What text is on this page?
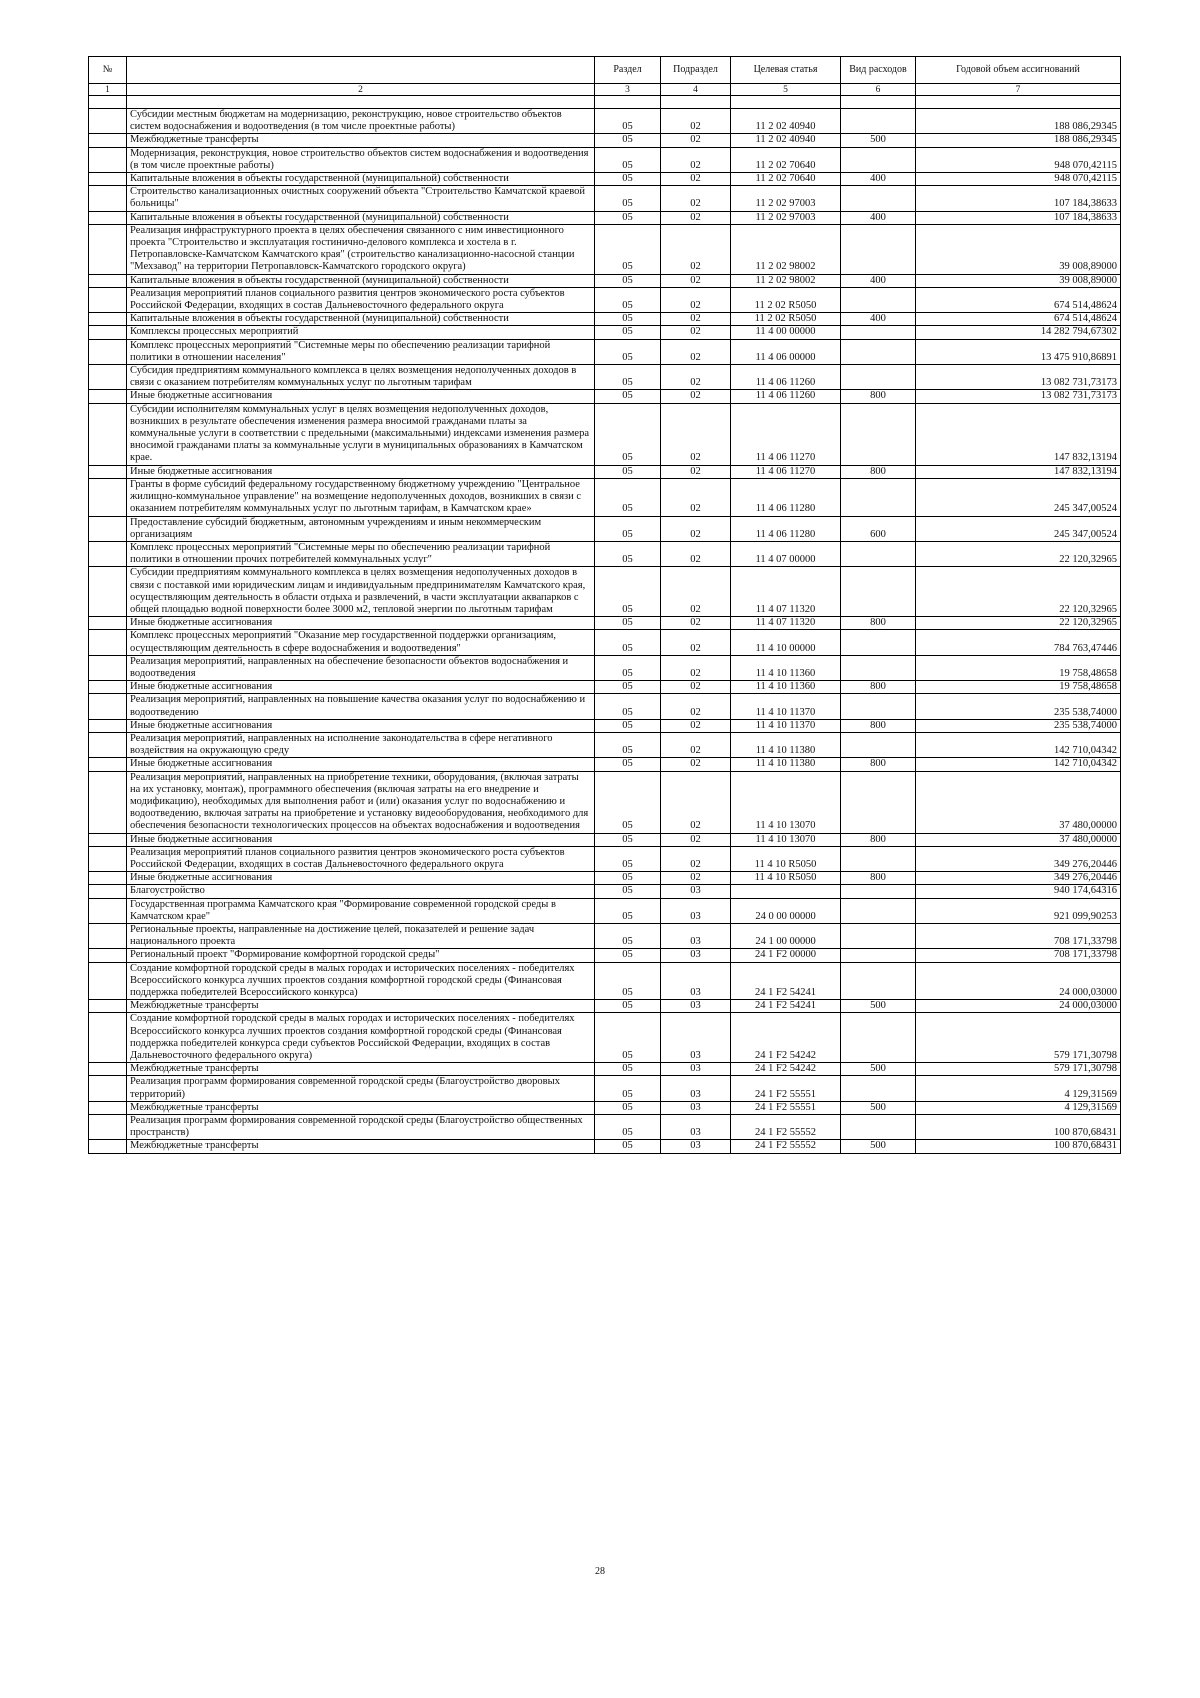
№		Раздел	Подраздел	Целевая статья	Вид расходов	Годовой объем ассигнований
1	2	3	4	5	6	7

	Субсидии местным бюджетам на модернизацию, реконструкцию, новое строительство объектов систем водоснабжения и водоотведения (в том числе проектные работы)	05	02	11 2 02 40940		188 086,29345
	Межбюджетные трансферты	05	02	11 2 02 40940	500	188 086,29345
	Модернизация, реконструкция, новое строительство объектов систем водоснабжения и водоотведения (в том числе проектные работы)	05	02	11 2 02 70640		948 070,42115
	Капитальные вложения в объекты государственной (муниципальной) собственности	05	02	11 2 02 70640	400	948 070,42115
	Строительство канализационных очистных сооружений объекта "Строительство Камчатской краевой больницы"	05	02	11 2 02 97003		107 184,38633
	Капитальные вложения в объекты государственной (муниципальной) собственности	05	02	11 2 02 97003	400	107 184,38633
	Реализация инфраструктурного проекта в целях обеспечения связанного с ним инвестиционного проекта "Строительство и эксплуатация гостинично-делового комплекса и хостела в г. Петропавловске-Камчатском Камчатского края" (строительство канализационно-насосной станции "Мехзавод" на территории Петропавловск-Камчатского городского округа)	05	02	11 2 02 98002		39 008,89000
	Капитальные вложения в объекты государственной (муниципальной) собственности	05	02	11 2 02 98002	400	39 008,89000
	Реализация мероприятий планов социального развития центров экономического роста субъектов Российской Федерации, входящих в состав Дальневосточного федерального округа	05	02	11 2 02 R5050		674 514,48624
	Капитальные вложения в объекты государственной (муниципальной) собственности	05	02	11 2 02 R5050	400	674 514,48624
	Комплексы процессных мероприятий	05	02	11 4 00 00000		14 282 794,67302
	Комплекс процессных мероприятий "Системные меры по обеспечению реализации тарифной политики в отношении населения"	05	02	11 4 06 00000		13 475 910,86891
	Субсидия предприятиям коммунального комплекса в целях возмещения недополученных доходов в связи с оказанием потребителям коммунальных услуг по льготным тарифам	05	02	11 4 06 11260		13 082 731,73173
	Иные бюджетные ассигнования	05	02	11 4 06 11260	800	13 082 731,73173
	Субсидии исполнителям коммунальных услуг в целях возмещения недополученных доходов, возникших в результате обеспечения изменения размера вносимой гражданами платы за коммунальные услуги в соответствии с предельными (максимальными) индексами изменения размера вносимой гражданами платы за коммунальные услуги в муниципальных образованиях в Камчатском крае.	05	02	11 4 06 11270		147 832,13194
	Иные бюджетные ассигнования	05	02	11 4 06 11270	800	147 832,13194
	Гранты в форме субсидий федеральному государственному бюджетному учреждению "Центральное жилищно-коммунальное управление" на возмещение недополученных доходов, возникших в связи с оказанием потребителям коммунальных услуг по льготным тарифам, в Камчатском крае»	05	02	11 4 06 11280		245 347,00524
	Предоставление субсидий бюджетным, автономным учреждениям и иным некоммерческим организациям	05	02	11 4 06 11280	600	245 347,00524
	Комплекс процессных мероприятий "Системные меры по обеспечению реализации тарифной политики в отношении прочих потребителей коммунальных услуг"	05	02	11 4 07 00000		22 120,32965
	Субсидии предприятиям коммунального комплекса в целях возмещения недополученных доходов в связи с поставкой ими юридическим лицам и индивидуальным предпринимателям Камчатского края, осуществляющим деятельность в области отдыха и развлечений, в части эксплуатации аквапарков с общей площадью водной поверхности более 3000 м2, тепловой энергии по льготным тарифам	05	02	11 4 07 11320		22 120,32965
	Иные бюджетные ассигнования	05	02	11 4 07 11320	800	22 120,32965
	Комплекс процессных мероприятий "Оказание мер государственной поддержки организациям, осуществляющим деятельность в сфере водоснабжения и водоотведения"	05	02	11 4 10 00000		784 763,47446
	Реализация мероприятий, направленных на обеспечение безопасности объектов водоснабжения и водоотведения	05	02	11 4 10 11360		19 758,48658
	Иные бюджетные ассигнования	05	02	11 4 10 11360	800	19 758,48658
	Реализация мероприятий, направленных на повышение качества оказания услуг по водоснабжению и водоотведению	05	02	11 4 10 11370		235 538,74000
	Иные бюджетные ассигнования	05	02	11 4 10 11370	800	235 538,74000
	Реализация мероприятий, направленных на исполнение законодательства в сфере негативного воздействия на окружающую среду	05	02	11 4 10 11380		142 710,04342
	Иные бюджетные ассигнования	05	02	11 4 10 11380	800	142 710,04342
	Реализация мероприятий, направленных на приобретение техники, оборудования, (включая затраты на их установку, монтаж), программного обеспечения (включая затраты на его внедрение и модификацию), необходимых для выполнения работ и (или) оказания услуг по водоснабжению и водоотведению, включая затраты на приобретение и установку видеооборудования, необходимого для обеспечения безопасности технологических процессов на объектах водоснабжения и водоотведения	05	02	11 4 10 13070		37 480,00000
	Иные бюджетные ассигнования	05	02	11 4 10 13070	800	37 480,00000
	Реализация мероприятий планов социального развития центров экономического роста субъектов Российской Федерации, входящих в состав Дальневосточного федерального округа	05	02	11 4 10 R5050		349 276,20446
	Иные бюджетные ассигнования	05	02	11 4 10 R5050	800	349 276,20446
	Благоустройство	05	03			940 174,64316
	Государственная программа Камчатского края "Формирование современной городской среды в Камчатском крае"	05	03	24 0 00 00000		921 099,90253
	Региональные проекты, направленные на достижение целей, показателей и решение задач национального проекта	05	03	24 1 00 00000		708 171,33798
	Региональный проект "Формирование комфортной городской среды"	05	03	24 1 F2 00000		708 171,33798
	Создание комфортной городской среды в малых городах и исторических поселениях - победителях Всероссийского конкурса лучших проектов создания комфортной городской среды (Финансовая поддержка победителей Всероссийского конкурса)	05	03	24 1 F2 54241		24 000,03000
	Межбюджетные трансферты	05	03	24 1 F2 54241	500	24 000,03000
	Создание комфортной городской среды в малых городах и исторических поселениях - победителях Всероссийского конкурса лучших проектов создания комфортной городской среды (Финансовая поддержка победителей конкурса среди субъектов Российской Федерации, входящих в состав Дальневосточного федерального округа)	05	03	24 1 F2 54242		579 171,30798
	Межбюджетные трансферты	05	03	24 1 F2 54242	500	579 171,30798
	Реализация программ формирования современной городской среды (Благоустройство дворовых территорий)	05	03	24 1 F2 55551		4 129,31569
	Межбюджетные трансферты	05	03	24 1 F2 55551	500	4 129,31569
	Реализация программ формирования современной городской среды (Благоустройство общественных пространств)	05	03	24 1 F2 55552		100 870,68431
	Межбюджетные трансферты	05	03	24 1 F2 55552	500	100 870,68431
28
